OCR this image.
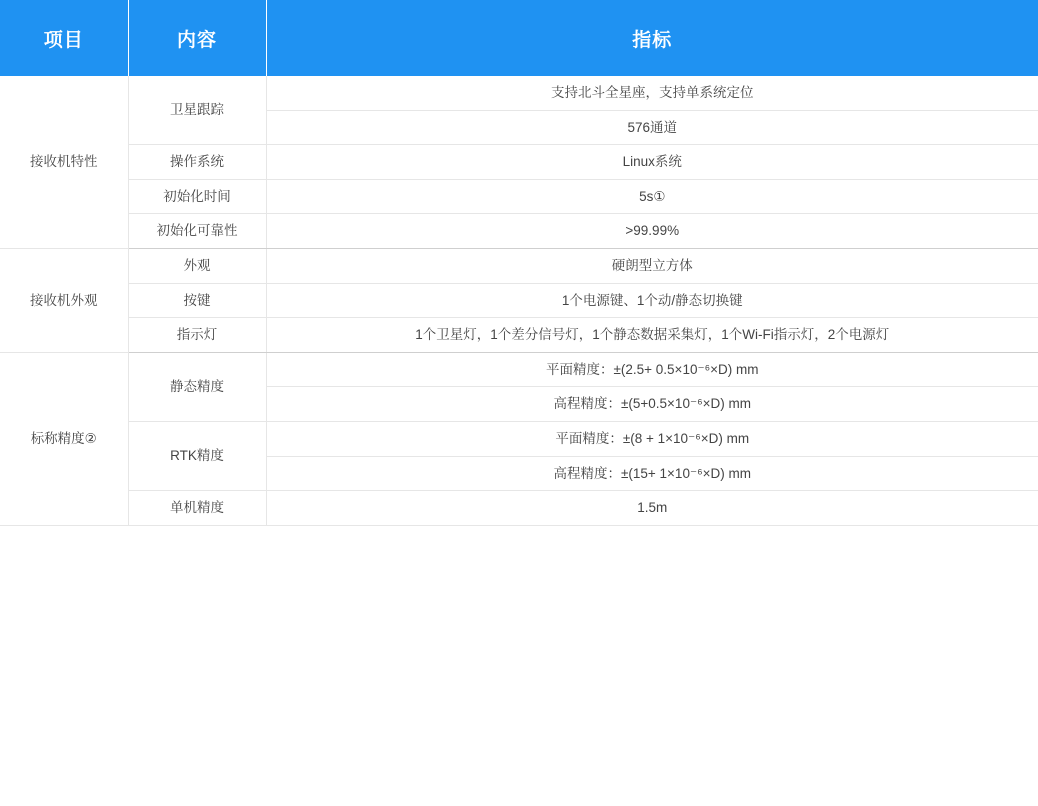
项目	内容	指标
接收机特性	卫星跟踪	支持北斗全星座，支持单系统定位
		576通道
	操作系统	Linux系统
	初始化时间	5s①
	初始化可靠性	>99.99%
接收机外观	外观	硬朗型立方体
	按键	1个电源键、1个动/静态切换键
	指示灯	1个卫星灯，1个差分信号灯，1个静态数据采集灯，1个Wi-Fi指示灯，2个电源灯
标称精度②	静态精度	平面精度：±(2.5+ 0.5×10⁻⁶×D) mm
		高程精度：±(5+0.5×10⁻⁶×D) mm
	RTK精度	平面精度：±(8 + 1×10⁻⁶×D) mm
		高程精度：±(15+ 1×10⁻⁶×D) mm
	单机精度	1.5m
